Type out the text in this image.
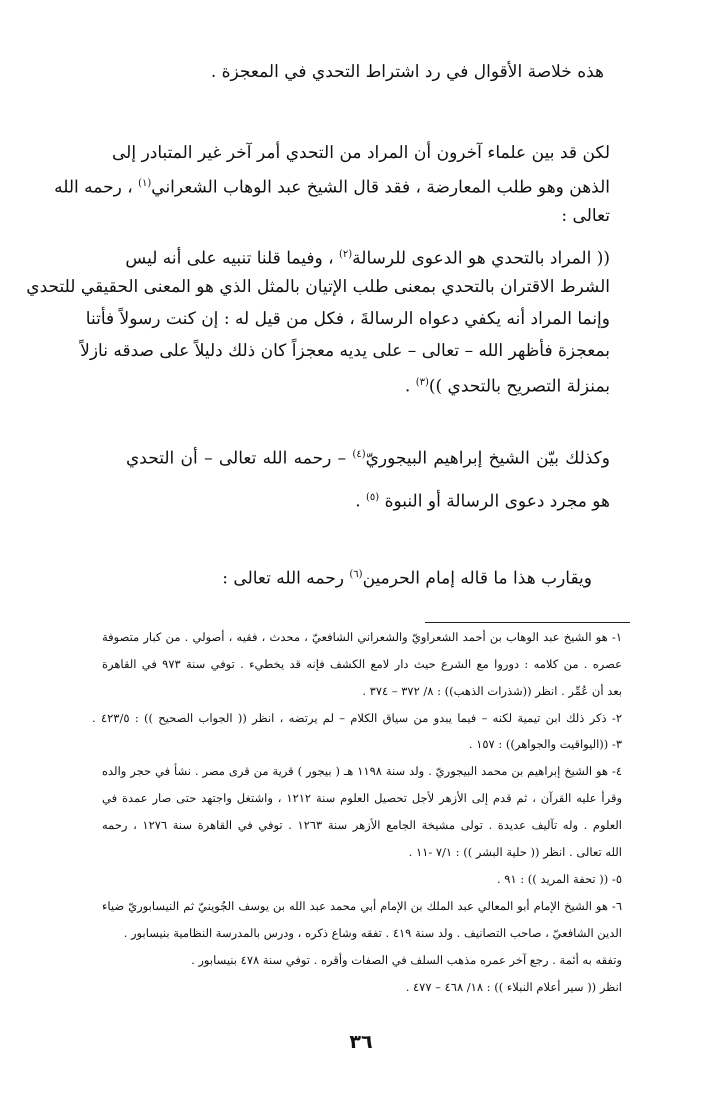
هذه خلاصة الأقوال في رد اشتراط التحدي في المعجزة .
لكن قد بين علماء آخرون أن المراد من التحدي أمر آخر غير المتبادر إلى
الذهن وهو طلب المعارضة ، فقد قال الشيخ عبد الوهاب الشعراني$^{(١)}$ ، رحمه الله
تعالى :
(( المراد بالتحدي هو الدعوى للرسالة$^{(٢)}$ ، وفيما قلنا تنبيه على أنه ليس
الشرط الاقتران بالتحدي بمعنى طلب الإتيان بالمثل الذي هو المعنى الحقيقي للتحدي
وإنما المراد أنه يكفي دعواه الرسالةَ ، فكل من قيل له : إن كنت رسولاً فأتنا
بمعجزة فأظهر الله – تعالى – على يديه معجزاً كان ذلك دليلاً على صدقه نازلاً
بمنزلة التصريح بالتحدي ))$^{(٣)}$ .
وكذلك بيّن الشيخ إبراهيم البيجوريّ$^{(٤)}$ – رحمه الله تعالى – أن التحدي
هو مجرد دعوى الرسالة أو النبوة $^{(٥)}$ .
ويقارب هذا ما قاله إمام الحرمين$^{(٦)}$ رحمه الله تعالى :
١- هو الشيخ عبد الوهاب بن أحمد الشعراويّ والشعراني الشافعيّ ، محدث ، فقيه ، أصولي . من كبار متصوفة
عصره . من كلامه : دوروا مع الشرع حيث دار لامع الكشف فإنه قد يخطيء . توفي سنة ٩٧٣ في القاهرة
بعد أن عُمِّر . انظر ((شذرات الذهب)) : ٨/ ٣٧٢ – ٣٧٤ .
٢- ذكر ذلك ابن تيمية لكنه – فيما يبدو من سياق الكلام – لم يرتضه ، انظر (( الجواب الصحيح )) : ٤٢٣/٥ .
٣- ((اليواقيت والجواهر)) : ١٥٧ .
٤- هو الشيخ إبراهيم بن محمد البيجوريّ . ولد سنة ١١٩٨ هـ ( بيجور ) قرية من قرى مصر . نشأ في حجر والده
وقرأ عليه القرآن ، ثم قدم إلى الأزهر لأجل تحصيل العلوم سنة ١٢١٢ ، واشتغل واجتهد حتى صار عمدة في
العلوم . وله تآليف عديدة . تولى مشيخة الجامع الأزهر سنة ١٢٦٣ . توفي في القاهرة سنة ١٢٧٦ ، رحمه
الله تعالى . انظر (( حلية البشر )) : ٧/١ -١١ .
٥- (( تحفة المريد )) : ٩١ .
٦- هو الشيخ الإمام أبو المعالي عبد الملك بن الإمام أبي محمد عبد الله بن يوسف الجُوينيّ ثم النيسابوريّ ضياء
الدين الشافعيّ ، صاحب التصانيف . ولد سنة ٤١٩ . تفقه وشاع ذكره ، ودرس بالمدرسة النظامية بنيسابور .
وتفقه به أئمة . رجع آخر عمره مذهب السلف في الصفات وأقره . توفي سنة ٤٧٨ بنيسابور .
انظر (( سير أعلام النبلاء )) : ١٨/ ٤٦٨ – ٤٧٧ .
٣٦
